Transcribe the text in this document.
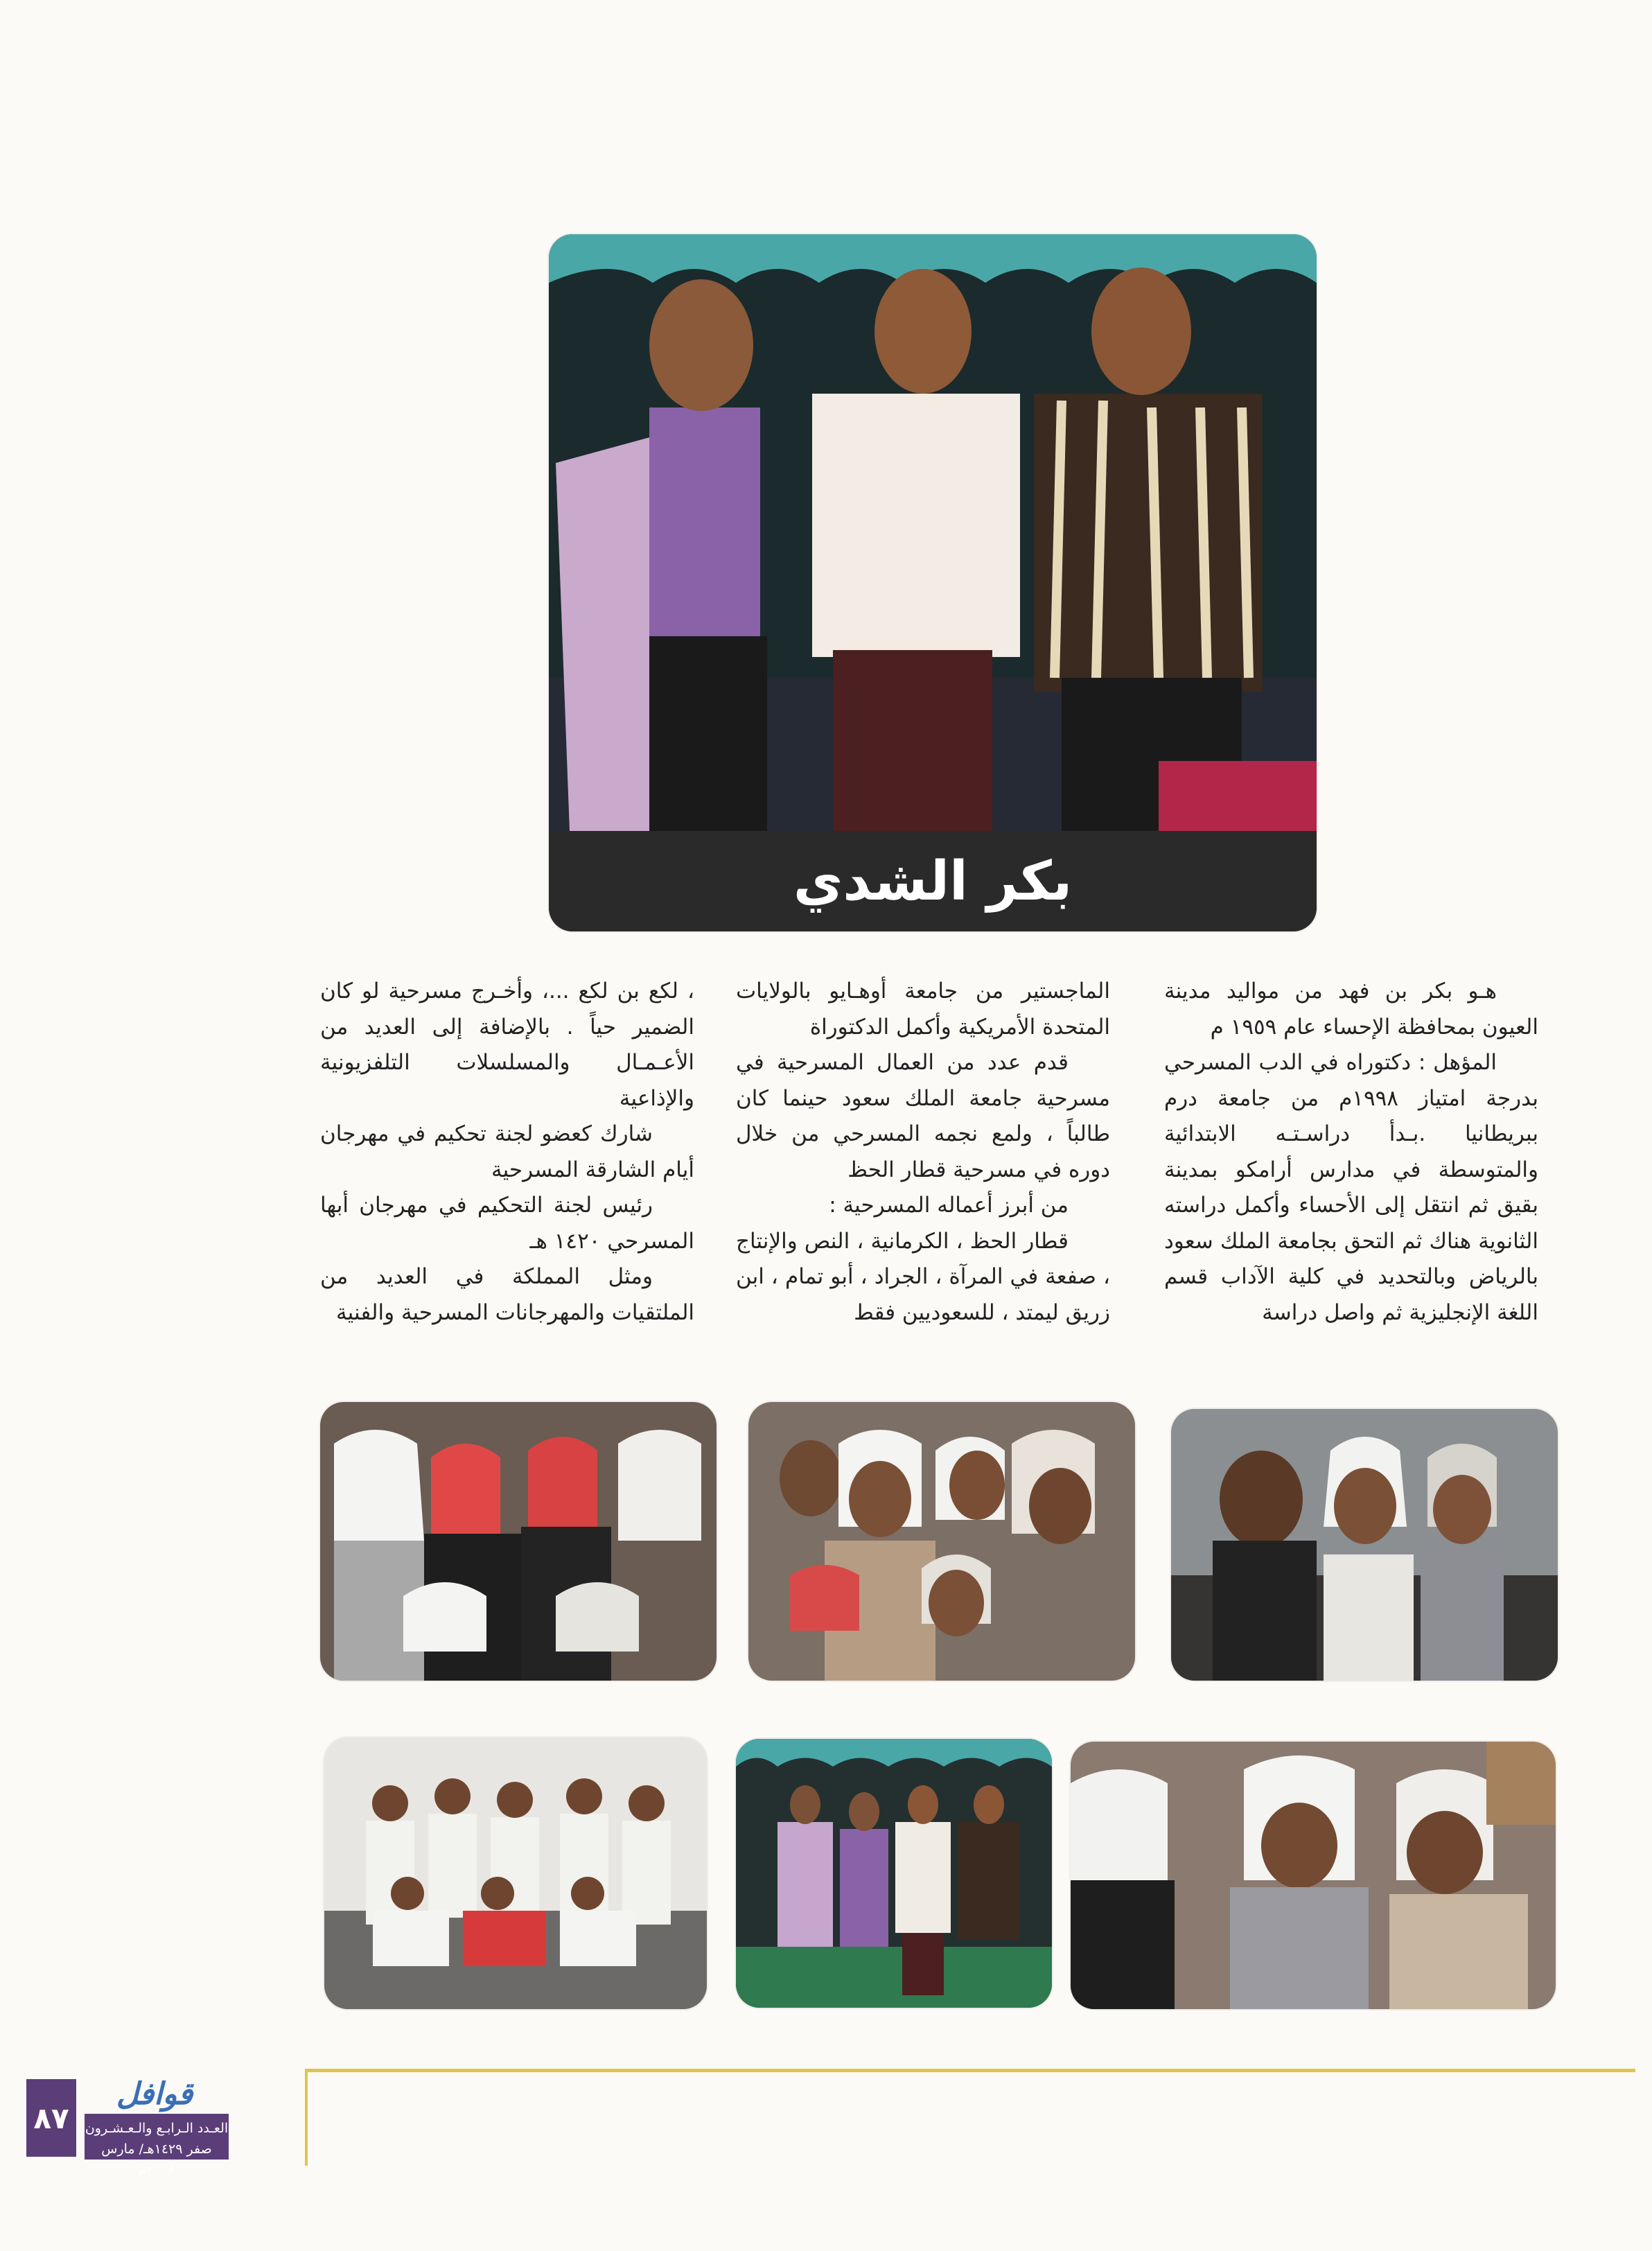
بكر الشدي

هـو بكر بن فهد من مواليد مدينة العيون بمحافظة الإحساء عام ١٩٥٩ م

المؤهل : دكتوراه في الدب المسرحي بدرجة امتياز ١٩٩٨م من جامعة درم ببريطانيا .بـدأ دراسـتـه الابتدائية والمتوسطة في مدارس أرامكو بمدينة بقيق ثم انتقل إلى الأحساء وأكمل دراسته الثانوية هناك ثم التحق بجامعة الملك سعود بالرياض وبالتحديد في كلية الآداب قسم اللغة الإنجليزية ثم واصل دراسة

الماجستير من جامعة أوهـايو بالولايات المتحدة الأمريكية وأكمل الدكتوراة

قدم عدد من العمال المسرحية في مسرحية جامعة الملك سعود حينما كان طالباً ، ولمع نجمه المسرحي من خلال دوره في مسرحية قطار الحظ

من أبرز أعماله المسرحية :

قطار الحظ ، الكرمانية ، النص والإنتاج ، صفعة في المرآة ، الجراد ، أبو تمام ، ابن زريق ليمتد ، للسعوديين فقط

، لكع بن لكع ...، وأخـرج مسرحية لو كان الضمير حياً . بالإضافة إلى العديد من الأعـمـال والمسلسلات التلفزيونية والإذاعية

شارك كعضو لجنة تحكيم في مهرجان أيام الشارقة المسرحية

رئيس لجنة التحكيم في مهرجان أبها المسرحي ١٤٢٠ هـ

ومثل المملكة في العديد من الملتقيات والمهرجانات المسرحية والفنية

قوافل
العـدد الـرابـع والـعـشـرون
صفر ١٤٢٩هـ/ مارس ٢٠٠٨م
٨٧
